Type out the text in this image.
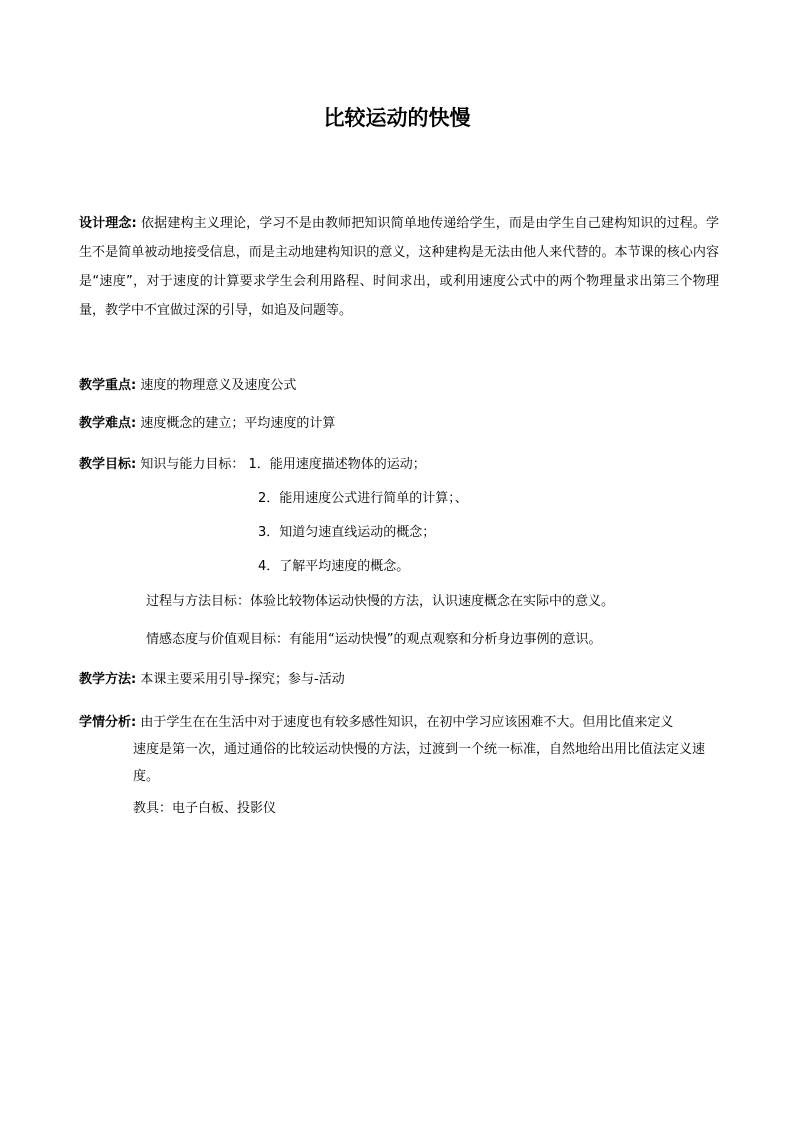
比较运动的快慢
设计理念: 依据建构主义理论，学习不是由教师把知识简单地传递给学生，而是由学生自己建构知识的过程。学生不是简单被动地接受信息，而是主动地建构知识的意义，这种建构是无法由他人来代替的。本节课的核心内容是“速度”，对于速度的计算要求学生会利用路程、时间求出，或利用速度公式中的两个物理量求出第三个物理量，教学中不宜做过深的引导，如追及问题等。
教学重点: 速度的物理意义及速度公式
教学难点: 速度概念的建立；平均速度的计算
教学目标: 知识与能力目标： 1．能用速度描述物体的运动；
2．能用速度公式进行简单的计算；、
3．知道匀速直线运动的概念；
4．了解平均速度的概念。
过程与方法目标：体验比较物体运动快慢的方法，认识速度概念在实际中的意义。
情感态度与价值观目标：有能用“运动快慢”的观点观察和分析身边事例的意识。
教学方法: 本课主要采用引导-探究；参与-活动
学情分析: 由于学生在在生活中对于速度也有较多感性知识，在初中学习应该困难不大。但用比值来定义
速度是第一次，通过通俗的比较运动快慢的方法，过渡到一个统一标准，自然地给出用比值法定义速度。
教具：电子白板、投影仪
